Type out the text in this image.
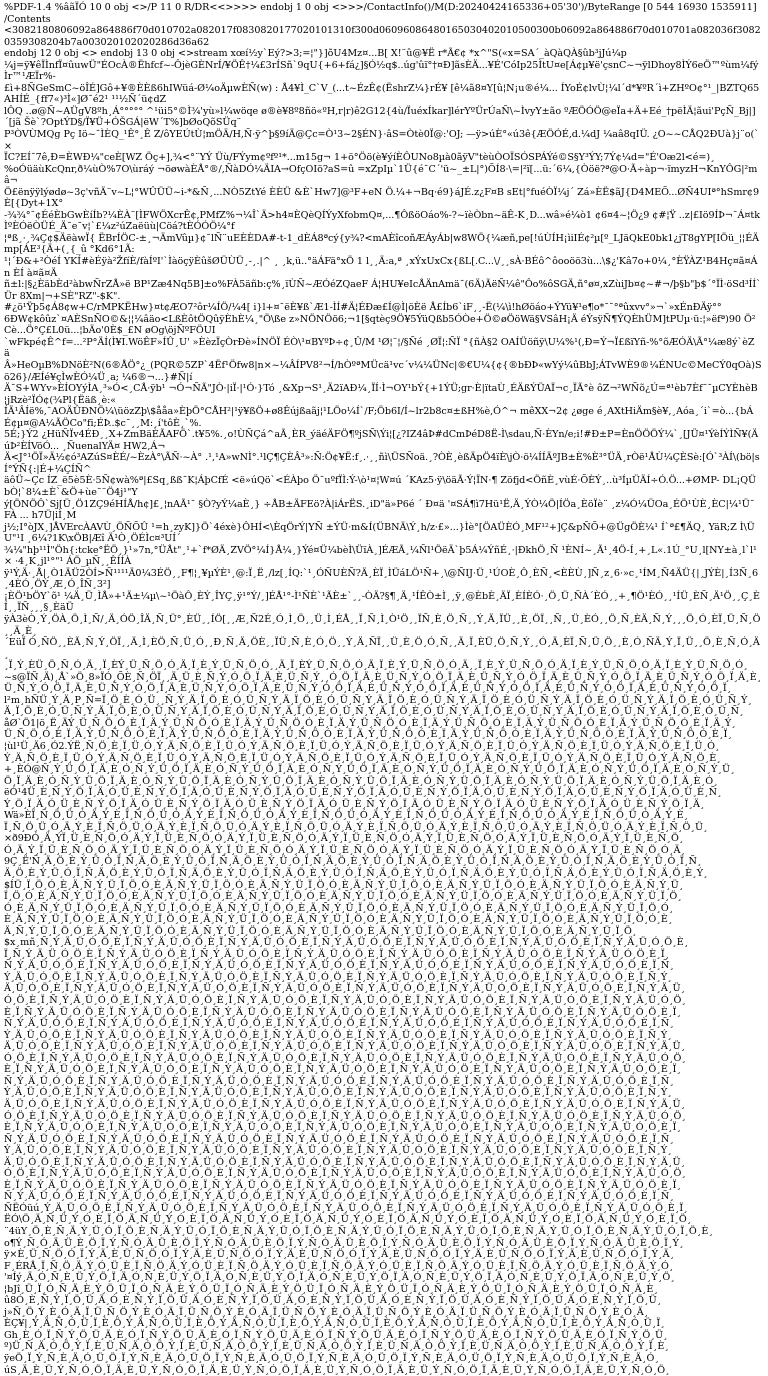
%PDF-1.4 %âãÏÓ 10 0 obj <>/P 11 0 R/DR<<>>>> endobj 1 0 obj <>>>/ContactInfo()/M(D:20240424165336+05'30')/ByteRange [0 544 16930 1535911] /Contents
<3082180806092a864886f70d010702a082017f0830820177020101310f300d06096086480165030402010500300b06092a864886f70d010701a082036f30820359308204b7a003020102020286d36a62
endobj 12 0 obj <> endobj 13 0 obj <>stream xœí½y`Eý?>3;=¦"}]õU4Mz¤...B[ X!¨û@¥Ë r*Ã€¢ *x^"S(«x=SA´_àQàQÀ§ûb³jJú¼p
¼j=ÿ¥êÏÌnfÏ¤ûuwÜ"ÉOcÀ®Ëhfcf~-ÔjèGÈNrÍ/¥ÖÊ†¼£3rÍSñ`9qU{+6+fá¿]§Ó½q$..úg'ûï°†¤Ð]ãsÈÄ...¥É'CóIp25ÌtU¤e[Á¢µ¥ë'çsnC~¬ÿlDhoy8ÌÝ6eÖ™ºùm¼fýÌr™¹ÆÏr%-
£ì+8ÑGeSmC~öÎÉ]Gô+¥®ÈÈß6hIWüá-Ø¼oÄµwÈÑ(w) : Å4¥Ì_C`V_(...t~ÉzÊ¢(ËshrZ¼}rÉ¥ [ê¼ã8¤Y[û¦N¡u®é¼... ÍYoÉ¢lvÙ¦¼l´d*¥ºR´ì+ZHºO¢°¹_|BZTQ65AHÍÉ_{ff7«)³Ì«]Ø¯é2¹ ¹¹½Ñ´ü¢dZ
lÔQ ..ø@Ñ~AÜgV8ºh¸Á°°°°° ^¹üi5°©Ì¾'yù»l¼wöqe ø®è¥8º8ñö«ºH,r|r)ê2G12{4ù/ÏuéxÍkar]lérYºÜrÚaÑ\~ÌvyY±ão ºÆÖÓÖ@eÏa+Ä+Eé_†pëÌÄ¦ãui'PçÑ_Bj|]´[jã Šè`?OptÝD§/Ï¥Ü+ÓŠGÁ|ëW´T%]bØoQõSÜq¨
P³ÒVÙMQg Pç Iö~¯ÌÈQ_¹Ê°¸Ê Z/ôYEÚtÙ¦mÖÄ/H,Ñ·ÿ^þ§9íÄ@Çc=Ò¹3~2§ÉN}·âS=Òtè0Ï@:'OJ; —ÿ>úÈ°«ú3ê{ÆÖÓÉ,d.¼dJ ¼aâ8qIÜ. ¿O~~CÅQ2ÐUà}j¨o(`×
ÏC?EÍ¯7ê,Ð=ÈWÐ¼"ceÈ[WZ Öç+],¾<°¨YÝ Üù/FÝym¢ºfº¹*...m15g¬ 1+ö°Öö(è¥ýíÈÔUNo8µà0ãÿV"tèùÒOÏSÓSPÁÝé©S§Y³ÝY;7Ý¢¼d="É'Oæ2l<é=)¸
%oÓüäùKcQnr,ð¼ùÒ%7O\ùráý ¬öøwàÈÅ°®/,ÑàDÓ¼ÄIA→OfçOIö?aS=û =xZpIµ`1Ü{é¯C´'ü~_±L|°)ÕÍ8·\=|²ï[...ü:´6¼,{Òöë?ª@O·Ã÷àp¬·ïmyzH¬KnYÔG|²mâ¬
Ö£ënÿÿlýødø~3ç'vñÄ¨v~L¦°WÛÜÜ~i-*&Ñ¸...NÒ5ZtYé ÈÈÜ &È`Hw7]@³F+eN Ö.¼+¬Bq·é9}áJÉ.z¿F¤B sEt|°fuéÒÏ¼j´ Zá»ÈË$ãJ{D4MEÕ...ØÑ4UIª°hSmr¢9È[{Dyt+1X°
-¾¾°¯¢ÉéÈbGwÈíÍb?¼ÈÀ¨[ÌFWÖXcrÊ¢,PMfZ%¬¼Î`Ä>h4¤ÈQèQÍÝyXfobmQ¤,...¶ÔßöOáo%-?~ïèÒbn~äÊ-K¸D...wâ»é¼ò1 ¢6¤4~¦Ö¿9 ¢#¦Ÿ ..z|£Iö9ÍÞ¬¯Á¤tkÌºÈÓëÒÜÉ_Ä¯e¯v¦`£¼z²úZaëüù|Cöá?tÈÓÓÖ¼°f
¦ªß¸·¸¾Ç¢$ÄëàwÏ{ ËBrÍÖC-±¸¬ÄmVûµ}¢¯lÑ¨uEÈÈDA#-t-1_dÈÁ8ªcý{y¾?<mAÈîcoñÆÁyÁb|w8WÖ{¼æñ,pe[!úÙÍH¡ìiIÉ¢²µ[º_LJäQkE0bk1¿jT8gYP[IÖü_¦¦ÉÄmp[ÁE³{Ä+(¸{_û °Kd6°1Ã:
¹¦´Ð&+²ÒéÍ YKÍ#èÉÿà²ŽfíÈ/fàÍºI'`ÌàöçÿÈûšØÜÙÜ¸-¸.|^ ¸ ¸k,ü..°äÁFä°xÖ 1 l¸¸Ä:a,ª ¸xÝxUxCx{ßL[.C...\/¸¸sÀ·BÉô^ôooöö3ù...\$¿'Kâ7o+0¼¸°ÈŸÀZ¹B4Hç¤ã¤Án ÈÍ à¤ã¤Ä
ñ±l:|§¿ÈäbÈd²àbwÑrZÅ»ë BP¹Zæ4Nq5B]±o%FÀ5äñb:ç%¸ïÙÑ~ÆÓéZQaeF Á¦HU¥eIcÅÄnAmä¯(6Ä)ÃëÑ¼ê"Ôo%ôSGÄ,ñ°ø¤,xZùiJb¤¢~#¬/þ§b"þ$´°ÏÌ·öSd³ÍÍ`Ür 8Xm|¬+SÈ"RZ"-$K".
#¿ö¹Ÿþ5¢Á8¢w+C/rMPKËHw}¤t¢ÆO7²ôr¼ÍÖ/¼4[ i}l+¤¯ëÈ¥ß`Æ1-ÌÍ#Ä¦ÉÐæ£Í@Ì|öÈë Å£Íb6`iF¸¸-Ë(¼\ì!hØöáo+ÝYü¥¹e¶o*¯¯°ªûxvv°»¬`»xÉnÐÄÿ°°
6ÐW¢kôûz`¤AÈSnÑO©&¦¦¼âäo<LßÈôtÖQûÿÈhÈ¼¸"Ö\ße z»NÖNÖö6;¬1[§qtèç9Ö¥5ÝüQßb5ÓÒe+Ö©øÖöWä§VSâH¡Ä éÝsÿÑ¶ÝQÈhÜM]tPUµ·ü:¦»ëfª)90 Ö²Cè...Ö°Ç£L0ü...¦bÄo'0È$_£N øOg\öjÑºFÖUI
`wFkpé¢Ê^f=...²P°ÄÍ(Ì¥I.WöÊF»ÍÛ¸U' »ÈèzÏçÒrÐè»ÍNÖÏ ÉÒ\¹¤BYºÞ÷¢¸Û/M ¹Ø¦¨¦/§Ñé ¸ØÏ¦:ÑÏ °{ñÀ§2 OAÍÜöñÿ\U¼%¹(,Ð=Ý¬Ï£ßïYñ-%°õÆÓÄ\Ã°¼æ8ý`èZ ä
Â»HeOµB%DNöÈ²N(6®ÅÖ°¿_(PQR©5ZP`4Ëf¹Öfw8|n×~¼ÂÍPV8²¬Í/hÒºªMÜcä¹vc´v¼¼ÜNc|®€U¼{¢{®bÐÞ«wYý¼ûBbJ;ÁTvWÈ9®¼ÉNUc©MeCÝ0qOà)Sö26}/ÆÍé¥çÌwÈÓ¼Ü¸a; ¼6®¬...}#Ñ|í
Ä¯S+WYv»ÈÍOYýÌA¸³»Ó<¸CÅ·ÿb¹ ¬Ó¬ÑÃ"JÒ·|iÏ·|¹Ó·}Tó ¸&Xp¬S¹¸Ä2ïAÐ¼¸ÏÍ·Ì¬OY¹bÝ{+1ÝÜ;gr·È|ïtaÙ¸ÉÄßÝÜAÏ¬c¸ÏÃ°è ôZ¬²WÑõ¿Ú=ª¹èb7Èf¯¯µCYÈhèB ¦jRzè²ÏÓ¢(¾Pl{Ëäß¸è:«
ÍÄ¹ÂÍë%,¯AOÄÛÐNÖ¼\üözZþ\$ååa»ÈþÖ°CÅH²|¹ÿ¥ßÖ+ø8Êújßaãj¦¹LÖo¼Í`/F;Öb6I/Í~lr2b8c¤±ßH%è,Ó^¬ mêXX¬2¢ ¿øge é¸AXtHiÄm§è¥,¸Aóa¸´i`=ò...{bÁÉ¢µ¤@A¼ÃÖCo"fi;ÉÞ..$c¯¸¸M:¸í'tôÈ¸`%.
5É;}Ý2 ¿HüÑÏv4ÉÐ¸¸X+ZmBäÈÃAFÖ`.t¥5%.¸o!ÙÑÇá^aÃ¸ÈR_ýäéÄFÖ¶ºjSÑ\Ýi¦[¿?IZ4âÞ#dCmÞéD8Ë-Ì\sdau,Ñ·ÈYn/e;i!#Ð±P=ÈnÖÖÖÝ¼`¸[JÜ¤¹ÝèÍÝÌÑ¥(ÄúÞ²ÈÍVöÓ... ¸ÑuenalYÄ¤ HW2,Á¬
Ä<J°¹ÖÏ»Ä½¢ó³AZúS¤ÈÉ/~ÈzÀ°\ÃÑ·~À° .¹,¹A»wNÌ°.¹lÇ¶ÇÈÂ³»:Ñ:Ö¢¥Ë:f¸.·¸¸ñì\ÜSÑoä.¸?ÒÈ¸èßÄpÖ4ïÈ\jÒ·ö¼ÍÍÄºJB±È%È³°ÜÄ¸rÒë¹ÅÙ¼ÇÈSè:[Ó`³ÀÍ\(bö|sÍ°ÝÑ{:|É+¼ÇÍÑ^
äôÜ~Çc ÍZ_ë5è5È·5Ñ¢wà%ª|£Sq¸ßß¯K¦ÁþCfÉ <ë»úQö`<ÉÀþo Ö¯uºfÏÌ:Ý-\ò¹¤¦W¤ú ´KAz5·ÿ\öäÃ·Ý¦ÏN·¶ Zöfjd<ÖñÈ¸vùÉ·ÕÈÝ¸..ù³ÍµÜÄÍ÷Ó.Ö...+ØMP- DL¡QÜbÒ¦`8¼±È`&Ö+ùe¯¨Ö4j¹"Y
ý[ÖNÖÔ`Sj[Ü¸Ö1ZÇ9éHÍÅ/h¢]£¸¦nAÃ¹¯ §Ò?yÝ¼aÈ¸} ÷ÅB±ÄFEö?À|iÁrËS.¸iD"ä»P6é ´ Ð¤ä '¤SÁ¶ì7Hü¹Ë,Ä¸ÝÒ¼Ö|ÍÖa¸ÈöÏè¨ ¸z¼Ó¼ÜOa¸ÉÖ¹ÙÈ¸ÈC|¼¹Ü¯ FÀ ... h7Ü|iÌ¸M
j½;I°òJX¸]ÅVErcÀAVÙ¸ÖÑÕÛ ¹=h¸zyK]}Ö`4éxè}ÔHÍ<\ÈqÖrÝ|YÑ ±ÝÜ·m&Í(ÜBNÄ\Ý¸h/z·£»...}Ìè°[ÖAÜÈÓ¸MF¹²+]Ç&pÑÕ+@ÜgÖÈ¼¹ Í`ª£¶ÄQ¸ YäR;Z Ì\ÜU"¹I ¸6¼?1K\xÖB|Æî Ä¹Ò¸ÖÉÌc¤³UÍ´
¾¼"hþ¹¹Ì"Öh{:tcke°ËÖ¸}¹»7n,°ÜÅt"¸¹+`f*ØÄ¸ZVÖ°¼Í}Å¼¸}Ýé¤Ü¼bèÌ\ÜïÀ¸]ÉÆÃ¸¼Ñl¹ÖëÄ`þ5Á¼ÝñÉ¸·|ÐkhÖ¸Ñ ¹ÈNÍ~¸Ã¹¸4Ö-Í¸+¸L«.1Ú_°U¸l[NY±à¸l`l¹× ·4¸K¸jl¹°"¹ ÁÖ_µÑ¸¸ÊÍÍÀ
ÿ¹Ý,Ä·¸Å|¸Ò1ÄÜ2ÒÍ>Ñ¹¹¹¹Ä0¼3ÉÖ¸¸F¶¦¸¥µÝÈ¹¸@:Ï¸Ë¸/lz[¸ÍQ:`¹¸ÓÑUÈÑ?Ä¸ÈÏ¸ÌÜáLÖ¹Ñ+¸\@ÑIJ·Ü¸¹ÚOÈ¸Ô¸ÈÑ¸<ÈÈÙ¸]Ñ¸z¸6·»c¸¹ÍM¸Ñ4ÄÜ{|¸JÝÈ|¸Í3Ñ¸6¸4ÈÓ¸ÖÝ¸Æ¸Ó¸ÎÑ¸3²]
¡ÈÖ¹bÖY`õ¹ ¼Ä¸Ü¸ÌÅ»+¹Ä±¼µ\~¹ÖàÔ¸ÈÝ¸ÎYÇ¸ÿ¹°Ý/¸]ÉÅ¹°-Ì¹ÑÈ`¹ÃÈ±`¸¸-ÒÄ?§¶¸Ä¸¹ÍÊÒ±Ì¸¸ÿ¸@ÈbÈ¸ÄÏ¸ÈÍÈÓ·¸Ö¸Ü¸ÑÀ´ÈÓ¸¸+¸¶Ö¹ÈÓ¸¸¹ÍÜ¸ÈÑ¸Ä¹Ö¸¸Ç¸ÈÍ¸¸ÏÑ¸¸¸§¸ÈäÜ
ÿÀ3èÒ¸Ý¸ÖÀ¸Ö¸Ì¸Ñ/¸Ä¸ÓÖ¸ÎÄ¸Ñ¸Ü°¸ÈÜ¸¸ÍÖ[¸¸Æ¸Ñ2É¸Ó¸Ì¸Ö¸¸Ü¸Ì¸ÉÅ¸¸Ï¸Ñ¸Ì¸Ò¹Ö¸¸ÏÑ¸È¸Ö¸Ñ¸¸Ý¸Ä¸ÏÜ¸¸È¸ÖÏ¸¸Ñ¸¸Ü¸ÈÓ¸¸Ö¸Ñ¸ÈÄ¸Ñ¸Ý¸¸¸Ö¸Ó¸ÈÏ¸Ü¸Ñ¸Ö¸¸Ä¸È¸
´EüÏ Ó¸ÑÖ¸¸ÈÃ¸Ñ¸Ý¸ÖÏ¸¸Ä¸Ì¸ÈÖ¸Ñ¸Ü¸Ó¸¸Ð¸Ñ¸Ä¸ÖÈ¸¸ÏÜ¸Ñ¸È¸Ó¸Ö¸¸Ý¸Ä¸ÑÏ¸¸Ü¸È¸Ö¸Ó¸Ñ¸¸Ä¸Ï¸ÈÜ¸Ö¸Ñ¸Ý¸¸Ó¸Ä¸ÈÏ¸Ñ¸Ü¸Ö¸¸È¸Ó¸ÑÄ¸Ý¸Ï¸Ü¸¸Ö¸È¸Ñ¸Ó¸Ä¸
¸Ï¸Ý¸ÈÜ¸Ö¸Ñ¸Ó¸Ä¸¸Ï¸ÈÝ¸Ü¸Ñ¸Ö¸Ó¸Ä¸Ï¸È¸Ý¸Ü¸Ñ¸Ö¸Ó¸¸Ä¸Ï¸ÈÝ¸Ü¸Ñ¸Ö¸Ó¸Ä¸Ï¸È¸Ý¸Ü¸Ñ¸Ö¸Ó¸Ä¸¸Ï¸È¸Ý¸Ü¸Ñ¸Ö¸Ó¸Ä¸Ï¸È¸Ý¸Ü¸Ñ¸Ö¸Ó¸Ä¸Ï¸È¸Ý¸Ü¸Ñ¸Ö¸Ó¸
~s@ÏÑ¸Ä)¸Å`»Ö¸8»ÏÓ¸ÕÈ¸Ñ¸ÖÏ¸¸Ä¸Ü¸È¸Ñ¸Ý¸Ó¸Ö¸Ï¸Ä¸È¸Ü¸Ñ¸Ý¸¸Ó¸Ö¸Ï¸Ä¸È¸Ü¸Ñ¸Ý¸Ó¸Ö¸Ï¸Ä¸È¸Ü¸Ñ¸Ý¸Ó¸Ö¸Ï¸Ä¸È¸Ü¸Ñ¸Ý¸Ó¸Ö¸Ï¸Ä¸È¸Ü¸Ñ¸Ý¸Ó¸Ö¸Ï¸Ä¸È¸
Ü¸Ñ¸Ý¸Ó¸Ö¸Ï¸Ä¸È¸Ü¸Ñ¸Ý¸Ó¸Ö¸Ï¸Ä¸È¸Ü¸Ñ¸Ý¸Ó¸Ö¸Ï¸Ä¸È¸Ü¸Ñ¸Ý¸Ó¸Ö¸Ï¸Ä¸È¸Ü¸Ñ¸Ý¸Ó¸Ö¸Ï¸Ä¸È¸Ü¸Ñ¸Ý¸Ó¸Ö¸Ï¸Ä¸È¸Ü¸Ñ¸Ý¸Ó¸Ö¸Ï¸Ä¸È¸Ü¸Ñ¸Ý¸Ó¸Ö¸Ï¸
l²m¸hÑÜ¸Ý¸Ä¸P¸Ñ=Ï¸Ö¸È¸Ó¸Ü¸¸Ñ¸Ý¸Ä¸Ï¸Ö¸È¸Ó¸Ü¸Ñ¸Ý¸Ä¸Ï¸Ö¸È¸Ó¸Ü¸Ñ¸Ý¸Ä¸Ï¸Ö¸È¸Ó¸Ü¸Ñ¸Ý¸Ä¸Ï¸Ö¸È¸Ó¸Ü¸Ñ¸Ý¸Ä¸Ï¸Ö¸È¸Ó¸Ü¸Ñ¸Ý¸Ä¸Ï¸Ö¸È¸Ó¸Ü¸Ñ¸Ý¸
Ä¸Ï¸Ö¸È¸Ó¸Ü¸Ñ¸Ý¸Ä¸Ï¸Ö¸È¸Ó¸Ü¸Ñ¸Ý¸Ä¸Ï¸Ö¸È¸Ó¸Ü¸Ñ¸Ý¸Ä¸Ï¸Ö¸È¸Ó¸Ü¸Ñ¸Ý¸Ä¸Ï¸Ö¸È¸Ó¸Ü¸Ñ¸Ý¸Ä¸Ï¸Ö¸È¸Ó¸Ü¸Ñ¸Ý¸Ä¸Ï¸Ö¸È¸Ó¸Ü¸Ñ¸Ý¸Ä¸Ï¸Ö¸È¸Ó¸Ü¸Ñ¸
åØ`Ö1|ö¸Ë¸ÄÝ¸Ü¸Ñ¸Ö¸Ó¸È¸Ï¸Ä¸Ý¸Ü¸Ñ¸Ö¸Ó¸È¸Ï¸Ä¸Ý¸Ü¸Ñ¸Ö¸Ó¸È¸Ï¸Ä¸Ý¸Ü¸Ñ¸Ö¸Ó¸È¸Ï¸Ä¸Ý¸Ü¸Ñ¸Ö¸Ó¸È¸Ï¸Ä¸Ý¸Ü¸Ñ¸Ö¸Ó¸È¸Ï¸Ä¸Ý¸Ü¸Ñ¸Ö¸Ó¸È¸Ï¸Ä¸Ý¸
Ü¸Ñ¸Ö¸Ó¸È¸Ï¸Ä¸Ý¸Ü¸Ñ¸Ö¸Ó¸È¸Ï¸Ä¸Ý¸Ü¸Ñ¸Ö¸Ó¸È¸Ï¸Ä¸Ý¸Ü¸Ñ¸Ö¸Ó¸È¸Ï¸Ä¸Ý¸Ü¸Ñ¸Ö¸Ó¸È¸Ï¸Ä¸Ý¸Ü¸Ñ¸Ö¸Ó¸È¸Ï¸Ä¸Ý¸Ü¸Ñ¸Ö¸Ó¸È¸Ï¸Ä¸Ý¸Ü¸Ñ¸Ö¸Ó¸È¸Ï¸
¦ùl¹Ü¸Ä6¸Ó2.ÝË¸Ñ¸Ö¸È¸Ï¸Ü¸Ó¸Ý¸Ä¸Ñ¸Ö¸È¸Ï¸Ü¸Ó¸Ý¸Ä¸Ñ¸Ö¸È¸Ï¸Ü¸Ó¸Ý¸Ä¸Ñ¸Ö¸È¸Ï¸Ü¸Ó¸Ý¸Ä¸Ñ¸Ö¸È¸Ï¸Ü¸Ó¸Ý¸Ä¸Ñ¸Ö¸È¸Ï¸Ü¸Ó¸Ý¸Ä¸Ñ¸Ö¸È¸Ï¸Ü¸Ó¸
Ý¸Ä¸Ñ¸Ö¸È¸Ï¸Ü¸Ó¸Ý¸Ä¸Ñ¸Ö¸È¸Ï¸Ü¸Ó¸Ý¸Ä¸Ñ¸Ö¸È¸Ï¸Ü¸Ó¸Ý¸Ä¸Ñ¸Ö¸È¸Ï¸Ü¸Ó¸Ý¸Ä¸Ñ¸Ö¸È¸Ï¸Ü¸Ó¸Ý¸Ä¸Ñ¸Ö¸È¸Ï¸Ü¸Ó¸Ý¸Ä¸Ñ¸Ö¸È¸Ï¸Ü¸Ó¸Ý¸Ä¸Ñ¸Ö¸È¸
+¸ÈÓ@Ñ¸Ý¸Ü¸Ö¸Ï¸Ä¸È¸Ó¸Ñ¸Ý¸Ü¸Ö¸Ï¸Ä¸È¸Ó¸Ñ¸Ý¸Ü¸Ö¸Ï¸Ä¸È¸Ó¸Ñ¸Ý¸Ü¸Ö¸Ï¸Ä¸È¸Ó¸Ñ¸Ý¸Ü¸Ö¸Ï¸Ä¸È¸Ó¸Ñ¸Ý¸Ü¸Ö¸Ï¸Ä¸È¸Ó¸Ñ¸Ý¸Ü¸Ö¸Ï¸Ä¸È¸Ó¸Ñ¸Ý¸Ü¸
Ö¸Ï¸Ä¸È¸Ó¸Ñ¸Ý¸Ü¸Ö¸Ï¸Ä¸È¸Ó¸Ñ¸Ý¸Ü¸Ö¸Ï¸Ä¸È¸Ó¸Ñ¸Ý¸Ü¸Ö¸Ï¸Ä¸È¸Ó¸Ñ¸Ý¸Ü¸Ö¸Ï¸Ä¸È¸Ó¸Ñ¸Ý¸Ü¸Ö¸Ï¸Ä¸È¸Ó¸Ñ¸Ý¸Ü¸Ö¸Ï¸Ä¸È¸Ó¸Ñ¸Ý¸Ü¸Ö¸Ï¸Ä¸È¸Ó¸
ëÓ¹4Ü¸È¸Ñ¸Ý¸Ö¸Ï¸Ä¸Ó¸Ü¸È¸Ñ¸Ý¸Ö¸Ï¸Ä¸Ó¸Ü¸È¸Ñ¸Ý¸Ö¸Ï¸Ä¸Ó¸Ü¸È¸Ñ¸Ý¸Ö¸Ï¸Ä¸Ó¸Ü¸È¸Ñ¸Ý¸Ö¸Ï¸Ä¸Ó¸Ü¸È¸Ñ¸Ý¸Ö¸Ï¸Ä¸Ó¸Ü¸È¸Ñ¸Ý¸Ö¸Ï¸Ä¸Ó¸Ü¸È¸Ñ¸
Ý¸Ö¸Ï¸Ä¸Ó¸Ü¸È¸Ñ¸Ý¸Ö¸Ï¸Ä¸Ó¸Ü¸È¸Ñ¸Ý¸Ö¸Ï¸Ä¸Ó¸Ü¸È¸Ñ¸Ý¸Ö¸Ï¸Ä¸Ó¸Ü¸È¸Ñ¸Ý¸Ö¸Ï¸Ä¸Ó¸Ü¸È¸Ñ¸Ý¸Ö¸Ï¸Ä¸Ó¸Ü¸È¸Ñ¸Ý¸Ö¸Ï¸Ä¸Ó¸Ü¸È¸Ñ¸Ý¸Ö¸Ï¸Ä¸
Wä»ÈÏ¸Ñ¸Ö¸Ü¸Ó¸Ä¸Ý¸È¸Ï¸Ñ¸Ö¸Ü¸Ó¸Ä¸Ý¸È¸Ï¸Ñ¸Ö¸Ü¸Ó¸Ä¸Ý¸È¸Ï¸Ñ¸Ö¸Ü¸Ó¸Ä¸Ý¸È¸Ï¸Ñ¸Ö¸Ü¸Ó¸Ä¸Ý¸È¸Ï¸Ñ¸Ö¸Ü¸Ó¸Ä¸Ý¸È¸Ï¸Ñ¸Ö¸Ü¸Ó¸Ä¸Ý¸È¸
Ï¸Ñ¸Ö¸Ü¸Ó¸Ä¸Ý¸È¸Ï¸Ñ¸Ö¸Ü¸Ó¸Ä¸Ý¸È¸Ï¸Ñ¸Ö¸Ü¸Ó¸Ä¸Ý¸È¸Ï¸Ñ¸Ö¸Ü¸Ó¸Ä¸Ý¸È¸Ï¸Ñ¸Ö¸Ü¸Ó¸Ä¸Ý¸È¸Ï¸Ñ¸Ö¸Ü¸Ó¸Ä¸Ý¸È¸Ï¸Ñ¸Ö¸Ü¸Ó¸Ä¸Ý¸È¸Ï¸Ñ¸Ö¸Ü¸
×ð9ÐÓ¸Ä¸ÝÏ¸Ü¸È¸Ñ¸Ö¸Ó¸Ä¸Ý¸Ï¸Ü¸È¸Ñ¸Ö¸Ó¸Ä¸Ý¸Ï¸Ü¸È¸Ñ¸Ö¸Ó¸Ä¸Ý¸Ï¸Ü¸È¸Ñ¸Ö¸Ó¸Ä¸Ý¸Ï¸Ü¸È¸Ñ¸Ö¸Ó¸Ä¸Ý¸Ï¸Ü¸È¸Ñ¸Ö¸Ó¸Ä¸Ý¸Ï¸Ü¸È¸Ñ¸Ö¸
Ó¸Ä¸Ý¸Ï¸Ü¸È¸Ñ¸Ö¸Ó¸Ä¸Ý¸Ï¸Ü¸È¸Ñ¸Ö¸Ó¸Ä¸Ý¸Ï¸Ü¸È¸Ñ¸Ö¸Ó¸Ä¸Ý¸Ï¸Ü¸È¸Ñ¸Ö¸Ó¸Ä¸Ý¸Ï¸Ü¸È¸Ñ¸Ö¸Ó¸Ä¸Ý¸Ï¸Ü¸È¸Ñ¸Ö¸Ó¸Ä¸Ý¸Ï¸Ü¸È¸Ñ¸Ö¸Ó¸Ä¸
9Ç¸Ë'Ñ¸Ä¸Ö¸È¸Ý¸Ü¸Ó¸Ï¸Ñ¸Ä¸Ö¸È¸Ý¸Ü¸Ó¸Ï¸Ñ¸Ä¸Ö¸È¸Ý¸Ü¸Ó¸Ï¸Ñ¸Ä¸Ö¸È¸Ý¸Ü¸Ó¸Ï¸Ñ¸Ä¸Ö¸È¸Ý¸Ü¸Ó¸Ï¸Ñ¸Ä¸Ö¸È¸Ý¸Ü¸Ó¸Ï¸Ñ¸Ä¸Ö¸È¸Ý¸Ü¸Ó¸Ï¸Ñ¸
Ä¸Ö¸È¸Ý¸Ü¸Ó¸Ï¸Ñ¸Ä¸Ö¸È¸Ý¸Ü¸Ó¸Ï¸Ñ¸Ä¸Ö¸È¸Ý¸Ü¸Ó¸Ï¸Ñ¸Ä¸Ö¸È¸Ý¸Ü¸Ó¸Ï¸Ñ¸Ä¸Ö¸È¸Ý¸Ü¸Ó¸Ï¸Ñ¸Ä¸Ö¸È¸Ý¸Ü¸Ó¸Ï¸Ñ¸Ä¸Ö¸È¸Ý¸Ü¸Ó¸Ï¸Ñ¸Ä¸Ö¸È¸Ý¸
$ÍÜ¸Ï¸Ö¸Ó¸È¸Ä¸Ñ¸Ý¸Ü¸Ï¸Ö¸Ó¸È¸Ä¸Ñ¸Ý¸Ü¸Ï¸Ö¸Ó¸È¸Ä¸Ñ¸Ý¸Ü¸Ï¸Ö¸Ó¸È¸Ä¸Ñ¸Ý¸Ü¸Ï¸Ö¸Ó¸È¸Ä¸Ñ¸Ý¸Ü¸Ï¸Ö¸Ó¸È¸Ä¸Ñ¸Ý¸Ü¸Ï¸Ö¸Ó¸È¸Ä¸Ñ¸Ý¸Ü¸
Ï¸Ö¸Ó¸È¸Ä¸Ñ¸Ý¸Ü¸Ï¸Ö¸Ó¸È¸Ä¸Ñ¸Ý¸Ü¸Ï¸Ö¸Ó¸È¸Ä¸Ñ¸Ý¸Ü¸Ï¸Ö¸Ó¸È¸Ä¸Ñ¸Ý¸Ü¸Ï¸Ö¸Ó¸È¸Ä¸Ñ¸Ý¸Ü¸Ï¸Ö¸Ó¸È¸Ä¸Ñ¸Ý¸Ü¸Ï¸Ö¸Ó¸È¸Ä¸Ñ¸Ý¸Ü¸Ï¸Ö¸
Ó¸È¸Ä¸Ñ¸Ý¸Ü¸Ï¸Ö¸Ó¸È¸Ä¸Ñ¸Ý¸Ü¸Ï¸Ö¸Ó¸È¸Ä¸Ñ¸Ý¸Ü¸Ï¸Ö¸Ó¸È¸Ä¸Ñ¸Ý¸Ü¸Ï¸Ö¸Ó¸È¸Ä¸Ñ¸Ý¸Ü¸Ï¸Ö¸Ó¸È¸Ä¸Ñ¸Ý¸Ü¸Ï¸Ö¸Ó¸È¸Ä¸Ñ¸Ý¸Ü¸Ï¸Ö¸Ó¸
È¸Ä¸Ñ¸Ý¸Ü¸Ï¸Ö¸Ó¸È¸Ä¸Ñ¸Ý¸Ü¸Ï¸Ö¸Ó¸È¸Ä¸Ñ¸Ý¸Ü¸Ï¸Ö¸Ó¸È¸Ä¸Ñ¸Ý¸Ü¸Ï¸Ö¸Ó¸È¸Ä¸Ñ¸Ý¸Ü¸Ï¸Ö¸Ó¸È¸Ä¸Ñ¸Ý¸Ü¸Ï¸Ö¸Ó¸È¸Ä¸Ñ¸Ý¸Ü¸Ï¸Ö¸Ó¸È¸
Ä¸Ñ¸Ý¸Ü¸Ï¸Ö¸Ó¸È¸Ä¸Ñ¸Ý¸Ü¸Ï¸Ö¸Ó¸È¸Ä¸Ñ¸Ý¸Ü¸Ï¸Ö¸Ó¸È¸Ä¸Ñ¸Ý¸Ü¸Ï¸Ö¸Ó¸È¸Ä¸Ñ¸Ý¸Ü¸Ï¸Ö¸Ó¸È¸Ä¸Ñ¸Ý¸Ü¸Ï¸Ö¸Ó¸È¸Ä¸Ñ¸Ý¸Ü¸Ï¸Ö¸
$x¸mñ¸Ñ¸Ý¸Ä¸Ü¸Ó¸Ö¸È¸Ï¸Ñ¸Ý¸Ä¸Ü¸Ó¸Ö¸È¸Ï¸Ñ¸Ý¸Ä¸Ü¸Ó¸Ö¸È¸Ï¸Ñ¸Ý¸Ä¸Ü¸Ó¸Ö¸È¸Ï¸Ñ¸Ý¸Ä¸Ü¸Ó¸Ö¸È¸Ï¸Ñ¸Ý¸Ä¸Ü¸Ó¸Ö¸È¸Ï¸Ñ¸Ý¸Ä¸Ü¸Ó¸Ö¸È¸
Ï¸Ñ¸Ý¸Ä¸Ü¸Ó¸Ö¸È¸Ï¸Ñ¸Ý¸Ä¸Ü¸Ó¸Ö¸È¸Ï¸Ñ¸Ý¸Ä¸Ü¸Ó¸Ö¸È¸Ï¸Ñ¸Ý¸Ä¸Ü¸Ó¸Ö¸È¸Ï¸Ñ¸Ý¸Ä¸Ü¸Ó¸Ö¸È¸Ï¸Ñ¸Ý¸Ä¸Ü¸Ó¸Ö¸È¸Ï¸Ñ¸Ý¸Ä¸Ü¸Ó¸Ö¸È¸Ï¸
Ñ¸Ý¸Ä¸Ü¸Ó¸Ö¸È¸Ï¸Ñ¸Ý¸Ä¸Ü¸Ó¸Ö¸È¸Ï¸Ñ¸Ý¸Ä¸Ü¸Ó¸Ö¸È¸Ï¸Ñ¸Ý¸Ä¸Ü¸Ó¸Ö¸È¸Ï¸Ñ¸Ý¸Ä¸Ü¸Ó¸Ö¸È¸Ï¸Ñ¸Ý¸Ä¸Ü¸Ó¸Ö¸È¸Ï¸Ñ¸Ý¸Ä¸Ü¸Ó¸Ö¸È¸Ï¸Ñ¸
Ý¸Ä¸Ü¸Ó¸Ö¸È¸Ï¸Ñ¸Ý¸Ä¸Ü¸Ó¸Ö¸È¸Ï¸Ñ¸Ý¸Ä¸Ü¸Ó¸Ö¸È¸Ï¸Ñ¸Ý¸Ä¸Ü¸Ó¸Ö¸È¸Ï¸Ñ¸Ý¸Ä¸Ü¸Ó¸Ö¸È¸Ï¸Ñ¸Ý¸Ä¸Ü¸Ó¸Ö¸È¸Ï¸Ñ¸Ý¸Ä¸Ü¸Ó¸Ö¸È¸Ï¸Ñ¸Ý¸
Ä¸Ü¸Ó¸Ö¸È¸Ï¸Ñ¸Ý¸Ä¸Ü¸Ó¸Ö¸È¸Ï¸Ñ¸Ý¸Ä¸Ü¸Ó¸Ö¸È¸Ï¸Ñ¸Ý¸Ä¸Ü¸Ó¸Ö¸È¸Ï¸Ñ¸Ý¸Ä¸Ü¸Ó¸Ö¸È¸Ï¸Ñ¸Ý¸Ä¸Ü¸Ó¸Ö¸È¸Ï¸Ñ¸Ý¸Ä¸Ü¸Ó¸Ö¸È¸Ï¸Ñ¸Ý¸Ä¸Ü¸
Ó¸Ö¸È¸Ï¸Ñ¸Ý¸Ä¸Ü¸Ó¸Ö¸È¸Ï¸Ñ¸Ý¸Ä¸Ü¸Ó¸Ö¸È¸Ï¸Ñ¸Ý¸Ä¸Ü¸Ó¸Ö¸È¸Ï¸Ñ¸Ý¸Ä¸Ü¸Ó¸Ö¸È¸Ï¸Ñ¸Ý¸Ä¸Ü¸Ó¸Ö¸È¸Ï¸Ñ¸Ý¸Ä¸Ü¸Ó¸Ö¸È¸Ï¸Ñ¸Ý¸Ä¸Ü¸Ó¸Ö¸
È¸Ï¸Ñ¸Ý¸Ä¸Ü¸Ó¸Ö¸È¸Ï¸Ñ¸Ý¸Ä¸Ü¸Ó¸Ö¸È¸Ï¸Ñ¸Ý¸Ä¸Ü¸Ó¸Ö¸È¸Ï¸Ñ¸Ý¸Ä¸Ü¸Ó¸Ö¸È¸Ï¸Ñ¸Ý¸Ä¸Ü¸Ó¸Ö¸È¸Ï¸Ñ¸Ý¸Ä¸Ü¸Ó¸Ö¸È¸Ï¸Ñ¸Ý¸Ä¸Ü¸Ó¸Ö¸È¸Ï¸
Ñ¸Ý¸Ä¸Ü¸Ó¸Ö¸È¸Ï¸Ñ¸Ý¸Ä¸Ü¸Ó¸Ö¸È¸Ï¸Ñ¸Ý¸Ä¸Ü¸Ó¸Ö¸È¸Ï¸Ñ¸Ý¸Ä¸Ü¸Ó¸Ö¸È¸Ï¸Ñ¸Ý¸Ä¸Ü¸Ó¸Ö¸È¸Ï¸Ñ¸Ý¸Ä¸Ü¸Ó¸Ö¸È¸Ï¸Ñ¸Ý¸Ä¸Ü¸Ó¸Ö¸È¸Ï¸Ñ¸
Ý¸Ä¸Ü¸Ó¸Ö¸È¸Ï¸Ñ¸Ý¸Ä¸Ü¸Ó¸Ö¸È¸Ï¸Ñ¸Ý¸Ä¸Ü¸Ó¸Ö¸È¸Ï¸Ñ¸Ý¸Ä¸Ü¸Ó¸Ö¸È¸Ï¸Ñ¸Ý¸Ä¸Ü¸Ó¸Ö¸È¸Ï¸Ñ¸Ý¸Ä¸Ü¸Ó¸Ö¸È¸Ï¸Ñ¸Ý¸Ä¸Ü¸Ó¸Ö¸È¸Ï¸Ñ¸Ý¸
Ä¸Ü¸Ó¸Ö¸È¸Ï¸Ñ¸Ý¸Ä¸Ü¸Ó¸Ö¸È¸Ï¸Ñ¸Ý¸Ä¸Ü¸Ó¸Ö¸È¸Ï¸Ñ¸Ý¸Ä¸Ü¸Ó¸Ö¸È¸Ï¸Ñ¸Ý¸Ä¸Ü¸Ó¸Ö¸È¸Ï¸Ñ¸Ý¸Ä¸Ü¸Ó¸Ö¸È¸Ï¸Ñ¸Ý¸Ä¸Ü¸Ó¸Ö¸È¸Ï¸Ñ¸Ý¸Ä¸Ü¸
Ó¸Ö¸È¸Ï¸Ñ¸Ý¸Ä¸Ü¸Ó¸Ö¸È¸Ï¸Ñ¸Ý¸Ä¸Ü¸Ó¸Ö¸È¸Ï¸Ñ¸Ý¸Ä¸Ü¸Ó¸Ö¸È¸Ï¸Ñ¸Ý¸Ä¸Ü¸Ó¸Ö¸È¸Ï¸Ñ¸Ý¸Ä¸Ü¸Ó¸Ö¸È¸Ï¸Ñ¸Ý¸Ä¸Ü¸Ó¸Ö¸È¸Ï¸Ñ¸Ý¸Ä¸Ü¸Ó¸Ö¸
È¸Ï¸Ñ¸Ý¸Ä¸Ü¸Ó¸Ö¸È¸Ï¸Ñ¸Ý¸Ä¸Ü¸Ó¸Ö¸È¸Ï¸Ñ¸Ý¸Ä¸Ü¸Ó¸Ö¸È¸Ï¸Ñ¸Ý¸Ä¸Ü¸Ó¸Ö¸È¸Ï¸Ñ¸Ý¸Ä¸Ü¸Ó¸Ö¸È¸Ï¸Ñ¸Ý¸Ä¸Ü¸Ó¸Ö¸È¸Ï¸Ñ¸Ý¸Ä¸Ü¸Ó¸Ö¸È¸Ï¸
Ñ¸Ý¸Ä¸Ü¸Ó¸Ö¸È¸Ï¸Ñ¸Ý¸Ä¸Ü¸Ó¸Ö¸È¸Ï¸Ñ¸Ý¸Ä¸Ü¸Ó¸Ö¸È¸Ï¸Ñ¸Ý¸Ä¸Ü¸Ó¸Ö¸È¸Ï¸Ñ¸Ý¸Ä¸Ü¸Ó¸Ö¸È¸Ï¸Ñ¸Ý¸Ä¸Ü¸Ó¸Ö¸È¸Ï¸Ñ¸Ý¸Ä¸Ü¸Ó¸Ö¸È¸Ï¸Ñ¸
Ý¸Ä¸Ü¸Ó¸Ö¸È¸Ï¸Ñ¸Ý¸Ä¸Ü¸Ó¸Ö¸È¸Ï¸Ñ¸Ý¸Ä¸Ü¸Ó¸Ö¸È¸Ï¸Ñ¸Ý¸Ä¸Ü¸Ó¸Ö¸È¸Ï¸Ñ¸Ý¸Ä¸Ü¸Ó¸Ö¸È¸Ï¸Ñ¸Ý¸Ä¸Ü¸Ó¸Ö¸È¸Ï¸Ñ¸Ý¸Ä¸Ü¸Ó¸Ö¸È¸Ï¸Ñ¸Ý¸
Ä¸Ü¸Ó¸Ö¸È¸Ï¸Ñ¸Ý¸Ä¸Ü¸Ó¸Ö¸È¸Ï¸Ñ¸Ý¸Ä¸Ü¸Ó¸Ö¸È¸Ï¸Ñ¸Ý¸Ä¸Ü¸Ó¸Ö¸È¸Ï¸Ñ¸Ý¸Ä¸Ü¸Ó¸Ö¸È¸Ï¸Ñ¸Ý¸Ä¸Ü¸Ó¸Ö¸È¸Ï¸Ñ¸Ý¸Ä¸Ü¸Ó¸Ö¸È¸Ï¸Ñ¸Ý¸Ä¸Ü¸
Ó¸Ö¸È¸Ï¸Ñ¸Ý¸Ä¸Ü¸Ó¸Ö¸È¸Ï¸Ñ¸Ý¸Ä¸Ü¸Ó¸Ö¸È¸Ï¸Ñ¸Ý¸Ä¸Ü¸Ó¸Ö¸È¸Ï¸Ñ¸Ý¸Ä¸Ü¸Ó¸Ö¸È¸Ï¸Ñ¸Ý¸Ä¸Ü¸Ó¸Ö¸È¸Ï¸Ñ¸Ý¸Ä¸Ü¸Ó¸Ö¸È¸Ï¸Ñ¸Ý¸Ä¸Ü¸Ó¸Ö¸
È¸Ï¸Ñ¸Ý¸Ä¸Ü¸Ó¸Ö¸È¸Ï¸Ñ¸Ý¸Ä¸Ü¸Ó¸Ö¸È¸Ï¸Ñ¸Ý¸Ä¸Ü¸Ó¸Ö¸È¸Ï¸Ñ¸Ý¸Ä¸Ü¸Ó¸Ö¸È¸Ï¸Ñ¸Ý¸Ä¸Ü¸Ó¸Ö¸È¸Ï¸Ñ¸Ý¸Ä¸Ü¸Ó¸Ö¸È¸Ï¸Ñ¸Ý¸Ä¸Ü¸Ó¸Ö¸È¸Ï¸
Ñ¸Ý¸Ä¸Ü¸Ó¸Ö¸È¸Ï¸Ñ¸Ý¸Ä¸Ü¸Ó¸Ö¸È¸Ï¸Ñ¸Ý¸Ä¸Ü¸Ó¸Ö¸È¸Ï¸Ñ¸Ý¸Ä¸Ü¸Ó¸Ö¸È¸Ï¸Ñ¸Ý¸Ä¸Ü¸Ó¸Ö¸È¸Ï¸Ñ¸Ý¸Ä¸Ü¸Ó¸Ö¸È¸Ï¸Ñ¸Ý¸Ä¸Ü¸Ó¸Ö¸È¸Ï¸Ñ¸
Ý¸Ä¸Ü¸Ó¸Ö¸È¸Ï¸Ñ¸Ý¸Ä¸Ü¸Ó¸Ö¸È¸Ï¸Ñ¸Ý¸Ä¸Ü¸Ó¸Ö¸È¸Ï¸Ñ¸Ý¸Ä¸Ü¸Ó¸Ö¸È¸Ï¸Ñ¸Ý¸Ä¸Ü¸Ó¸Ö¸È¸Ï¸Ñ¸Ý¸Ä¸Ü¸Ó¸Ö¸È¸Ï¸Ñ¸Ý¸Ä¸Ü¸Ó¸Ö¸È¸Ï¸Ñ¸Ý¸
Ä¸Ü¸Ó¸Ö¸È¸Ï¸Ñ¸Ý¸Ä¸Ü¸Ó¸Ö¸È¸Ï¸Ñ¸Ý¸Ä¸Ü¸Ó¸Ö¸È¸Ï¸Ñ¸Ý¸Ä¸Ü¸Ó¸Ö¸È¸Ï¸Ñ¸Ý¸Ä¸Ü¸Ó¸Ö¸È¸Ï¸Ñ¸Ý¸Ä¸Ü¸Ó¸Ö¸È¸Ï¸Ñ¸Ý¸Ä¸Ü¸Ó¸Ö¸È¸Ï¸Ñ¸Ý¸Ä¸Ü¸
Ó¸Ö¸È¸Ï¸Ñ¸Ý¸Ä¸Ü¸Ó¸Ö¸È¸Ï¸Ñ¸Ý¸Ä¸Ü¸Ó¸Ö¸È¸Ï¸Ñ¸Ý¸Ä¸Ü¸Ó¸Ö¸È¸Ï¸Ñ¸Ý¸Ä¸Ü¸Ó¸Ö¸È¸Ï¸Ñ¸Ý¸Ä¸Ü¸Ó¸Ö¸È¸Ï¸Ñ¸Ý¸Ä¸Ü¸Ó¸Ö¸È¸Ï¸Ñ¸Ý¸Ä¸Ü¸Ó¸Ö¸
È¸Ï¸Ñ¸Ý¸Ä¸Ü¸Ó¸Ö¸È¸Ï¸Ñ¸Ý¸Ä¸Ü¸Ó¸Ö¸È¸Ï¸Ñ¸Ý¸Ä¸Ü¸Ó¸Ö¸È¸Ï¸Ñ¸Ý¸Ä¸Ü¸Ó¸Ö¸È¸Ï¸Ñ¸Ý¸Ä¸Ü¸Ó¸Ö¸È¸Ï¸Ñ¸Ý¸Ä¸Ü¸Ó¸Ö¸È¸Ï¸Ñ¸Ý¸Ä¸Ü¸Ó¸Ö¸È¸Ï¸
Ñ¸Ý¸Ä¸Ü¸Ó¸Ö¸È¸Ï¸Ñ¸Ý¸Ä¸Ü¸Ó¸Ö¸È¸Ï¸Ñ¸Ý¸Ä¸Ü¸Ó¸Ö¸È¸Ï¸Ñ¸Ý¸Ä¸Ü¸Ó¸Ö¸È¸Ï¸Ñ¸Ý¸Ä¸Ü¸Ó¸Ö¸È¸Ï¸Ñ¸Ý¸Ä¸Ü¸Ó¸Ö¸È¸Ï¸Ñ¸Ý¸Ä¸Ü¸Ó¸Ö¸È¸Ï¸Ñ¸
ÑËÓüú¸Ý¸Ä¸Ü¸Ó¸Ö¸È¸Ï¸Ñ¸Ý¸Ä¸Ü¸Ó¸Ö¸È¸Ï¸Ñ¸Ý¸Ä¸Ü¸Ó¸Ö¸È¸Ï¸Ñ¸Ý¸Ä¸Ü¸Ó¸Ö¸È¸Ï¸Ñ¸Ý¸Ä¸Ü¸Ó¸Ö¸È¸Ï¸Ñ¸Ý¸Ä¸Ü¸Ó¸Ö¸È¸Ï¸Ñ¸Ý¸Ä¸Ü¸Ó¸Ö¸È¸Ï¸
ËÓ\Ö¸Ä¸Ñ¸Ü¸Ý¸Ó¸È¸Ï¸Ö¸Ä¸Ñ¸Ü¸Ý¸Ó¸È¸Ï¸Ö¸Ä¸Ñ¸Ü¸Ý¸Ó¸È¸Ï¸Ö¸Ä¸Ñ¸Ü¸Ý¸Ó¸È¸Ï¸Ö¸Ä¸Ñ¸Ü¸Ý¸Ó¸È¸Ï¸Ö¸Ä¸Ñ¸Ü¸Ý¸Ó¸È¸Ï¸Ö¸Ä¸Ñ¸Ü¸Ý¸Ó¸È¸Ï¸Ö¸
¨4üY¸Ö¸È¸Ñ¸Ä¸Ý¸Ü¸Ó¸Ï¸Ö¸È¸Ñ¸Ä¸Ý¸Ü¸Ó¸Ï¸Ö¸È¸Ñ¸Ä¸Ý¸Ü¸Ó¸Ï¸Ö¸È¸Ñ¸Ä¸Ý¸Ü¸Ó¸Ï¸Ö¸È¸Ñ¸Ä¸Ý¸Ü¸Ó¸Ï¸Ö¸È¸Ñ¸Ä¸Ý¸Ü¸Ó¸Ï¸Ö¸È¸Ñ¸Ä¸Ý¸Ü¸Ó¸Ï¸Ö¸È¸
o¶Ý¸Ñ¸Ó¸Ä¸Ü¸È¸Ö¸Ï¸Ý¸Ñ¸Ó¸Ä¸Ü¸È¸Ö¸Ï¸Ý¸Ñ¸Ó¸Ä¸Ü¸È¸Ö¸Ï¸Ý¸Ñ¸Ó¸Ä¸Ü¸È¸Ö¸Ï¸Ý¸Ñ¸Ó¸Ä¸Ü¸È¸Ö¸Ï¸Ý¸Ñ¸Ó¸Ä¸Ü¸È¸Ö¸Ï¸Ý¸Ñ¸Ó¸Ä¸Ü¸È¸Ö¸Ï¸Ý¸
ÿ×È¸Ü¸Ñ¸Ö¸Ó¸Ï¸Ý¸Ä¸È¸Ü¸Ñ¸Ö¸Ó¸Ï¸Ý¸Ä¸È¸Ü¸Ñ¸Ö¸Ó¸Ï¸Ý¸Ä¸È¸Ü¸Ñ¸Ö¸Ó¸Ï¸Ý¸Ä¸È¸Ü¸Ñ¸Ö¸Ó¸Ï¸Ý¸Ä¸È¸Ü¸Ñ¸Ö¸Ó¸Ï¸Ý¸Ä¸È¸Ü¸Ñ¸Ö¸Ó¸Ï¸Ý¸Ä¸
F¸ÉRÅ¸Ï¸Ñ¸Ö¸Ä¸Ý¸Ó¸Ü¸È¸Ï¸Ñ¸Ö¸Ä¸Ý¸Ó¸Ü¸È¸Ï¸Ñ¸Ö¸Ä¸Ý¸Ó¸Ü¸È¸Ï¸Ñ¸Ö¸Ä¸Ý¸Ó¸Ü¸È¸Ï¸Ñ¸Ö¸Ä¸Ý¸Ó¸Ü¸È¸Ï¸Ñ¸Ö¸Ä¸Ý¸Ó¸Ü¸È¸Ï¸Ñ¸Ö¸Ä¸Ý¸Ó¸
'¤Íý¸Ä¸Ó¸Ñ¸È¸Ü¸Ý¸Ö¸Ï¸Ä¸Ó¸Ñ¸È¸Ü¸Ý¸Ö¸Ï¸Ä¸Ó¸Ñ¸È¸Ü¸Ý¸Ö¸Ï¸Ä¸Ó¸Ñ¸È¸Ü¸Ý¸Ö¸Ï¸Ä¸Ó¸Ñ¸È¸Ü¸Ý¸Ö¸Ï¸Ä¸Ó¸Ñ¸È¸Ü¸Ý¸Ö¸Ï¸Ä¸Ó¸Ñ¸È¸Ü¸Ý¸Ö¸
¦bJî¸Ü¸Ï¸Ó¸Ñ¸Ä¸È¸Ý¸Ö¸Ü¸Ï¸Ó¸Ñ¸Ä¸È¸Ý¸Ö¸Ü¸Ï¸Ó¸Ñ¸Ä¸È¸Ý¸Ö¸Ü¸Ï¸Ó¸Ñ¸Ä¸È¸Ý¸Ö¸Ü¸Ï¸Ó¸Ñ¸Ä¸È¸Ý¸Ö¸Ü¸Ï¸Ó¸Ñ¸Ä¸È¸Ý¸Ö¸Ü¸Ï¸Ó¸Ñ¸Ä¸È¸
û8Ó¸È¸Ñ¸Ý¸Ï¸Ö¸Ü¸Ä¸Ó¸È¸Ñ¸Ý¸Ï¸Ö¸Ü¸Ä¸Ó¸È¸Ñ¸Ý¸Ï¸Ö¸Ü¸Ä¸Ó¸È¸Ñ¸Ý¸Ï¸Ö¸Ü¸Ä¸Ó¸È¸Ñ¸Ý¸Ï¸Ö¸Ü¸Ä¸Ó¸È¸Ñ¸Ý¸Ï¸Ö¸Ü¸Ä¸Ó¸È¸Ñ¸Ý¸Ï¸Ö¸Ü¸
j»Ñ¸Ö¸Ý¸È¸Ó¸Ä¸Ï¸Ü¸Ñ¸Ö¸Ý¸È¸Ó¸Ä¸Ï¸Ü¸Ñ¸Ö¸Ý¸È¸Ó¸Ä¸Ï¸Ü¸Ñ¸Ö¸Ý¸È¸Ó¸Ä¸Ï¸Ü¸Ñ¸Ö¸Ý¸È¸Ó¸Ä¸Ï¸Ü¸Ñ¸Ö¸Ý¸È¸Ó¸Ä¸Ï¸Ü¸Ñ¸Ö¸Ý¸È¸Ó¸Ä¸
ÈÇ¥|¸Ý¸Ä¸Ñ¸Ó¸Ü¸Ï¸È¸Ö¸Ý¸Ä¸Ñ¸Ó¸Ü¸Ï¸È¸Ö¸Ý¸Ä¸Ñ¸Ó¸Ü¸Ï¸È¸Ö¸Ý¸Ä¸Ñ¸Ó¸Ü¸Ï¸È¸Ö¸Ý¸Ä¸Ñ¸Ó¸Ü¸Ï¸È¸Ö¸Ý¸Ä¸Ñ¸Ó¸Ü¸Ï¸È¸Ö¸Ý¸Ä¸Ñ¸Ó¸Ü¸Ï¸
Gh¸È¸Ó¸Ï¸Ñ¸Ý¸Ö¸Ü¸Ä¸È¸Ó¸Ï¸Ñ¸Ý¸Ö¸Ü¸Ä¸È¸Ó¸Ï¸Ñ¸Ý¸Ö¸Ü¸Ä¸È¸Ó¸Ï¸Ñ¸Ý¸Ö¸Ü¸Ä¸È¸Ó¸Ï¸Ñ¸Ý¸Ö¸Ü¸Ä¸È¸Ó¸Ï¸Ñ¸Ý¸Ö¸Ü¸Ä¸È¸Ó¸Ï¸Ñ¸Ý¸Ö¸Ü¸
º)Ü¸Ñ¸Ä¸Ó¸Ö¸Ý¸Ï¸È¸Ü¸Ñ¸Ä¸Ó¸Ö¸Ý¸Ï¸È¸Ü¸Ñ¸Ä¸Ó¸Ö¸Ý¸Ï¸È¸Ü¸Ñ¸Ä¸Ó¸Ö¸Ý¸Ï¸È¸Ü¸Ñ¸Ä¸Ó¸Ö¸Ý¸Ï¸È¸Ü¸Ñ¸Ä¸Ó¸Ö¸Ý¸Ï¸È¸Ü¸Ñ¸Ä¸Ó¸Ö¸Ý¸Ï¸È¸
ÿeÖ¸Ï¸Ý¸Ñ¸È¸Ä¸Ó¸Ü¸Ö¸Ï¸Ý¸Ñ¸È¸Ä¸Ó¸Ü¸Ö¸Ï¸Ý¸Ñ¸È¸Ä¸Ó¸Ü¸Ö¸Ï¸Ý¸Ñ¸È¸Ä¸Ó¸Ü¸Ö¸Ï¸Ý¸Ñ¸È¸Ä¸Ó¸Ü¸Ö¸Ï¸Ý¸Ñ¸È¸Ä¸Ó¸Ü¸Ö¸Ï¸Ý¸Ñ¸È¸Ä¸Ó¸
úS¸Ä¸È¸Ü¸Ý¸Ñ¸Ó¸Ö¸Ï¸Ä¸È¸Ü¸Ý¸Ñ¸Ó¸Ö¸Ï¸Ä¸È¸Ü¸Ý¸Ñ¸Ó¸Ö¸Ï¸Ä¸È¸Ü¸Ý¸Ñ¸Ó¸Ö¸Ï¸Ä¸È¸Ü¸Ý¸Ñ¸Ó¸Ö¸Ï¸Ä¸È¸Ü¸Ý¸Ñ¸Ó¸Ö¸Ï¸Ä¸È¸Ü¸Ý¸Ñ¸Ó¸Ö¸
